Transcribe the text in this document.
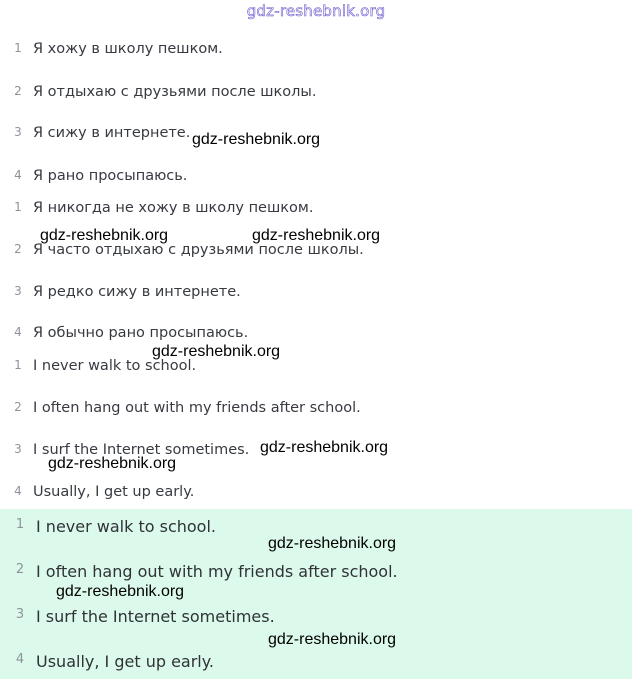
gdz-reshebnik.org
1 Я хожу в школу пешком.
2 Я отдыхаю с друзьями после школы.
3 Я сижу в интернете.
4 Я рано просыпаюсь.
1 Я никогда не хожу в школу пешком.
2 Я часто отдыхаю с друзьями после школы.
3 Я редко сижу в интернете.
4 Я обычно рано просыпаюсь.
1 I never walk to school.
2 I often hang out with my friends after school.
3 I surf the Internet sometimes.
4 Usually, I get up early.
1 I never walk to school.
2 I often hang out with my friends after school.
3 I surf the Internet sometimes.
4 Usually, I get up early.
gdz-reshebnik.org
gdz-reshebnik.org	gdz-reshebnik.org
gdz-reshebnik.org
gdz-reshebnik.org
gdz-reshebnik.org
gdz-reshebnik.org
gdz-reshebnik.org
gdz-reshebnik.org
